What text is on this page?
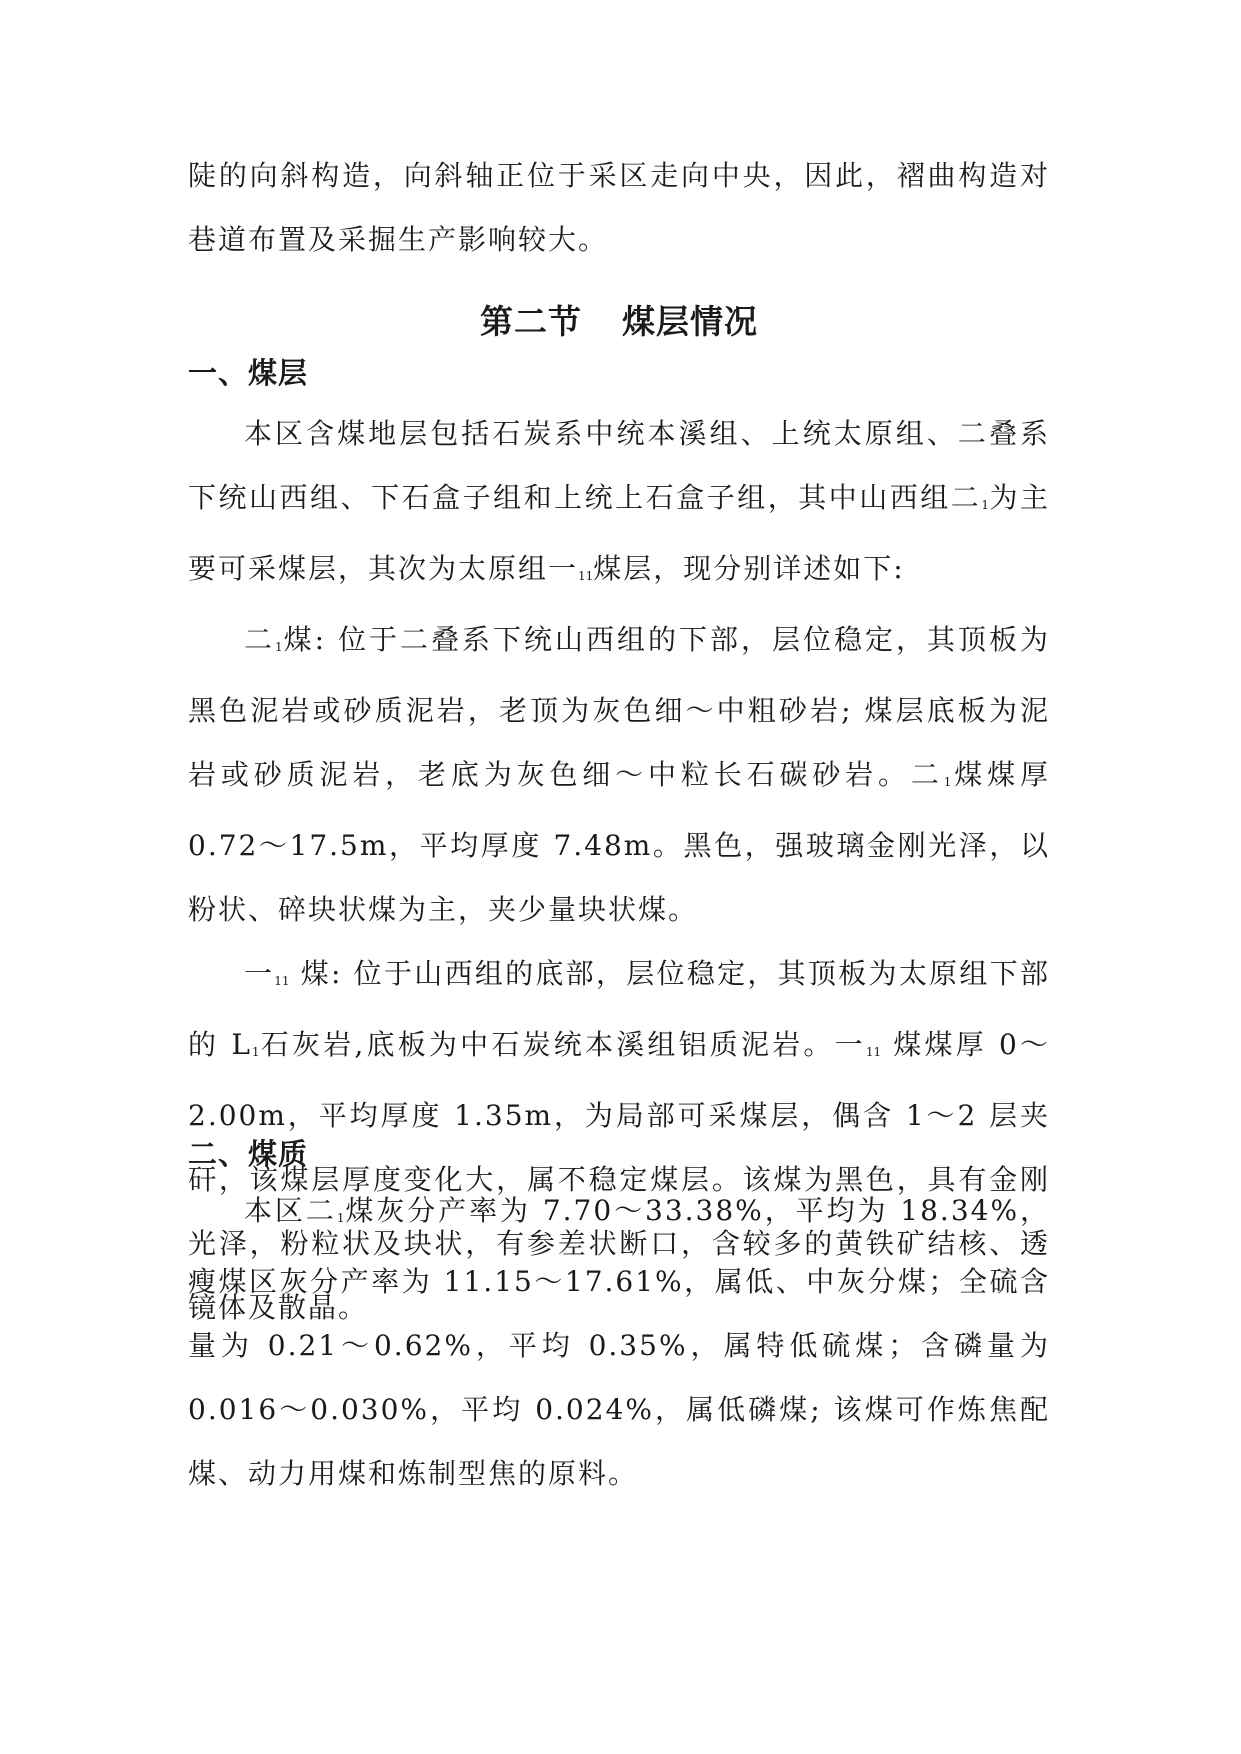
陡的向斜构造，向斜轴正位于采区走向中央，因此，褶曲构造对巷道布置及采掘生产影响较大。

第二节 煤层情况
一、煤层

本区含煤地层包括石炭系中统本溪组、上统太原组、二叠系下统山西组、下石盒子组和上统上石盒子组，其中山西组二$_1$为主要可采煤层，其次为太原组一$_{11}$煤层，现分别详述如下:

二$_1$煤: 位于二叠系下统山西组的下部，层位稳定，其顶板为黑色泥岩或砂质泥岩，老顶为灰色细～中粗砂岩; 煤层底板为泥岩或砂质泥岩，老底为灰色细～中粒长石碳砂岩。二$_1$煤煤厚 0.72～17.5m，平均厚度 7.48m。黑色，强玻璃金刚光泽，以粉状、碎块状煤为主，夹少量块状煤。

一$_{11}$ 煤: 位于山西组的底部，层位稳定，其顶板为太原组下部的 $L_1$石灰岩,底板为中石炭统本溪组铝质泥岩。一$_{11}$ 煤煤厚 0～2.00m，平均厚度 1.35m，为局部可采煤层，偶含 1～2 层夹矸，该煤层厚度变化大，属不稳定煤层。该煤为黑色，具有金刚光泽，粉粒状及块状，有参差状断口，含较多的黄铁矿结核、透镜体及散晶。

二、煤质

本区二$_1$煤灰分产率为 7.70～33.38%，平均为 18.34%，瘦煤区灰分产率为 11.15～17.61%，属低、中灰分煤；全硫含量为 0.21～0.62%，平均 0.35%，属特低硫煤；含磷量为 0.016～0.030%，平均 0.024%，属低磷煤; 该煤可作炼焦配煤、动力用煤和炼制型焦的原料。
